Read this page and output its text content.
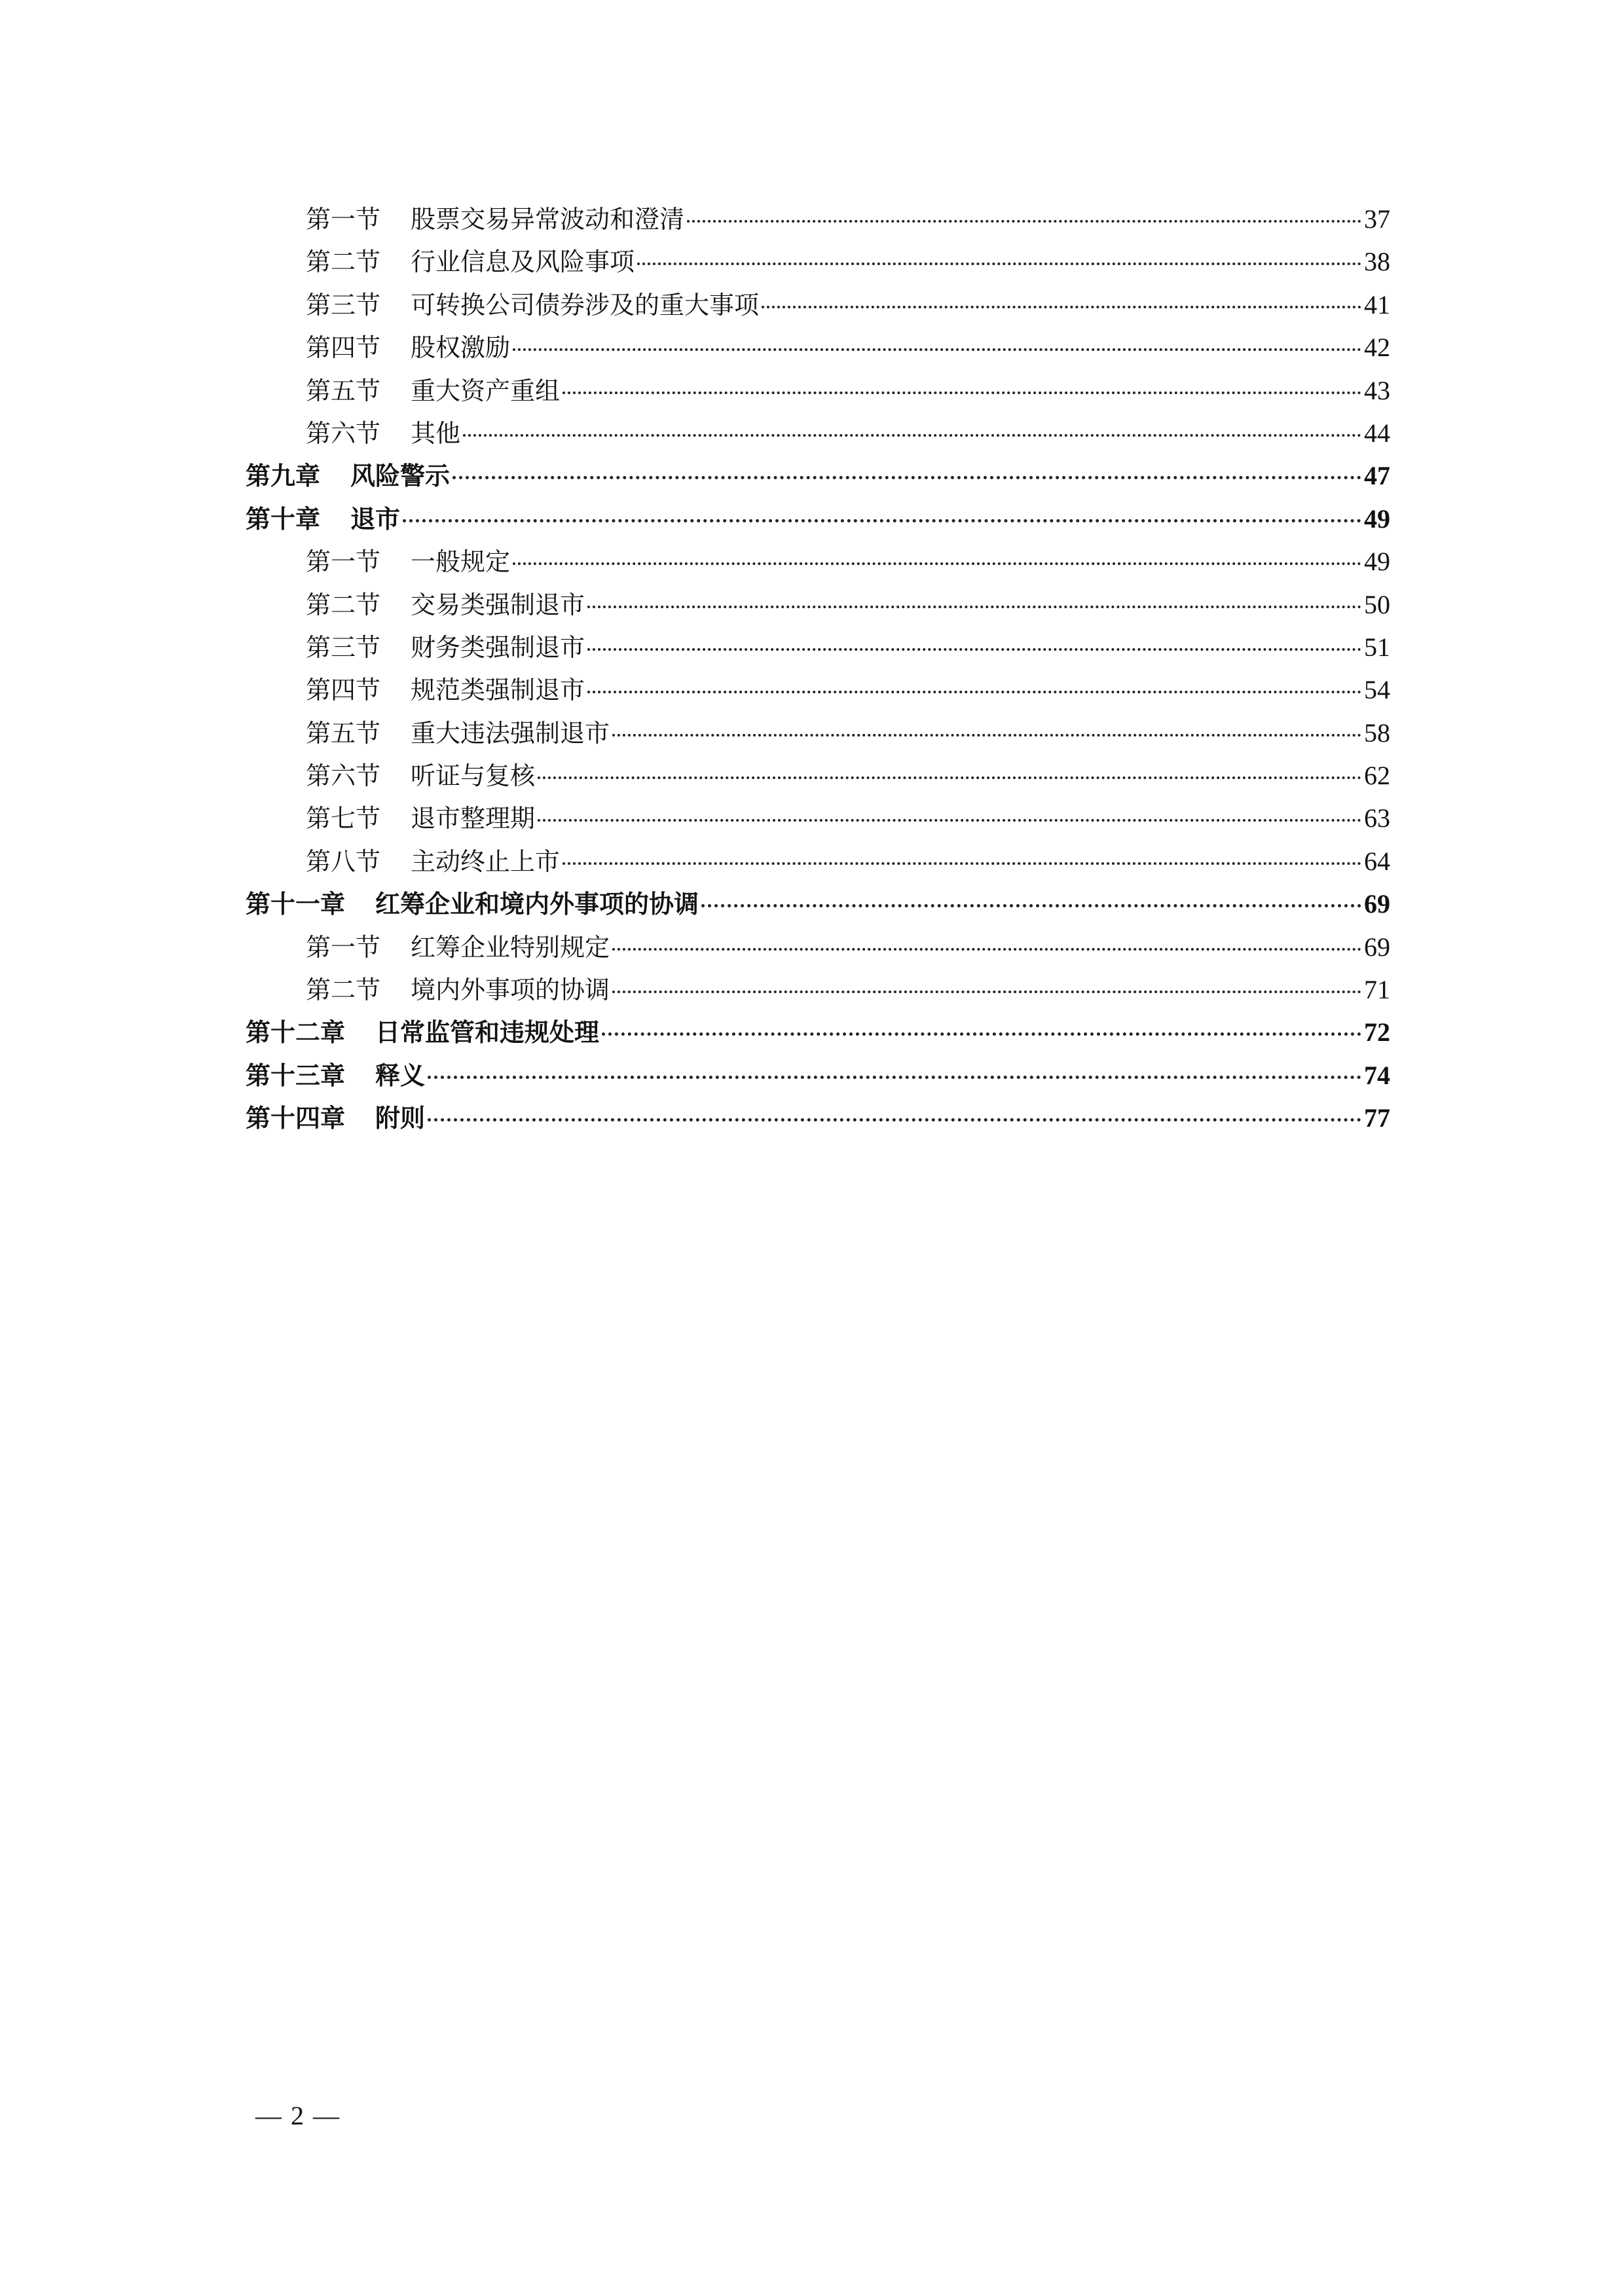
第一节 股票交易异常波动和澄清	37
第二节 行业信息及风险事项	38
第三节 可转换公司债券涉及的重大事项	41
第四节 股权激励	42
第五节 重大资产重组	43
第六节 其他	44
第九章 风险警示	47
第十章 退市	49
第一节 一般规定	49
第二节 交易类强制退市	50
第三节 财务类强制退市	51
第四节 规范类强制退市	54
第五节 重大违法强制退市	58
第六节 听证与复核	62
第七节 退市整理期	63
第八节 主动终止上市	64
第十一章 红筹企业和境内外事项的协调	69
第一节 红筹企业特别规定	69
第二节 境内外事项的协调	71
第十二章 日常监管和违规处理	72
第十三章 释义	74
第十四章 附则	77
— 2 —
